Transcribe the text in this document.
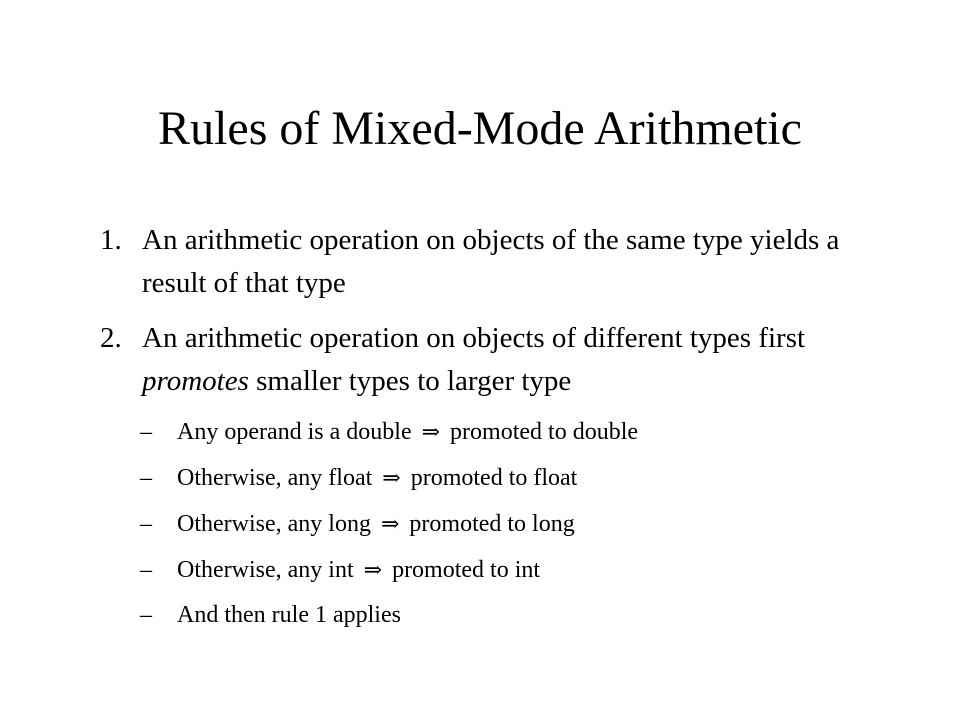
Rules of Mixed-Mode Arithmetic
1. An arithmetic operation on objects of the same type yields a result of that type
2. An arithmetic operation on objects of different types first promotes smaller types to larger type
– Any operand is a double ⇒ promoted to double
– Otherwise, any float ⇒ promoted to float
– Otherwise, any long ⇒ promoted to long
– Otherwise, any int ⇒ promoted to int
– And then rule 1 applies
